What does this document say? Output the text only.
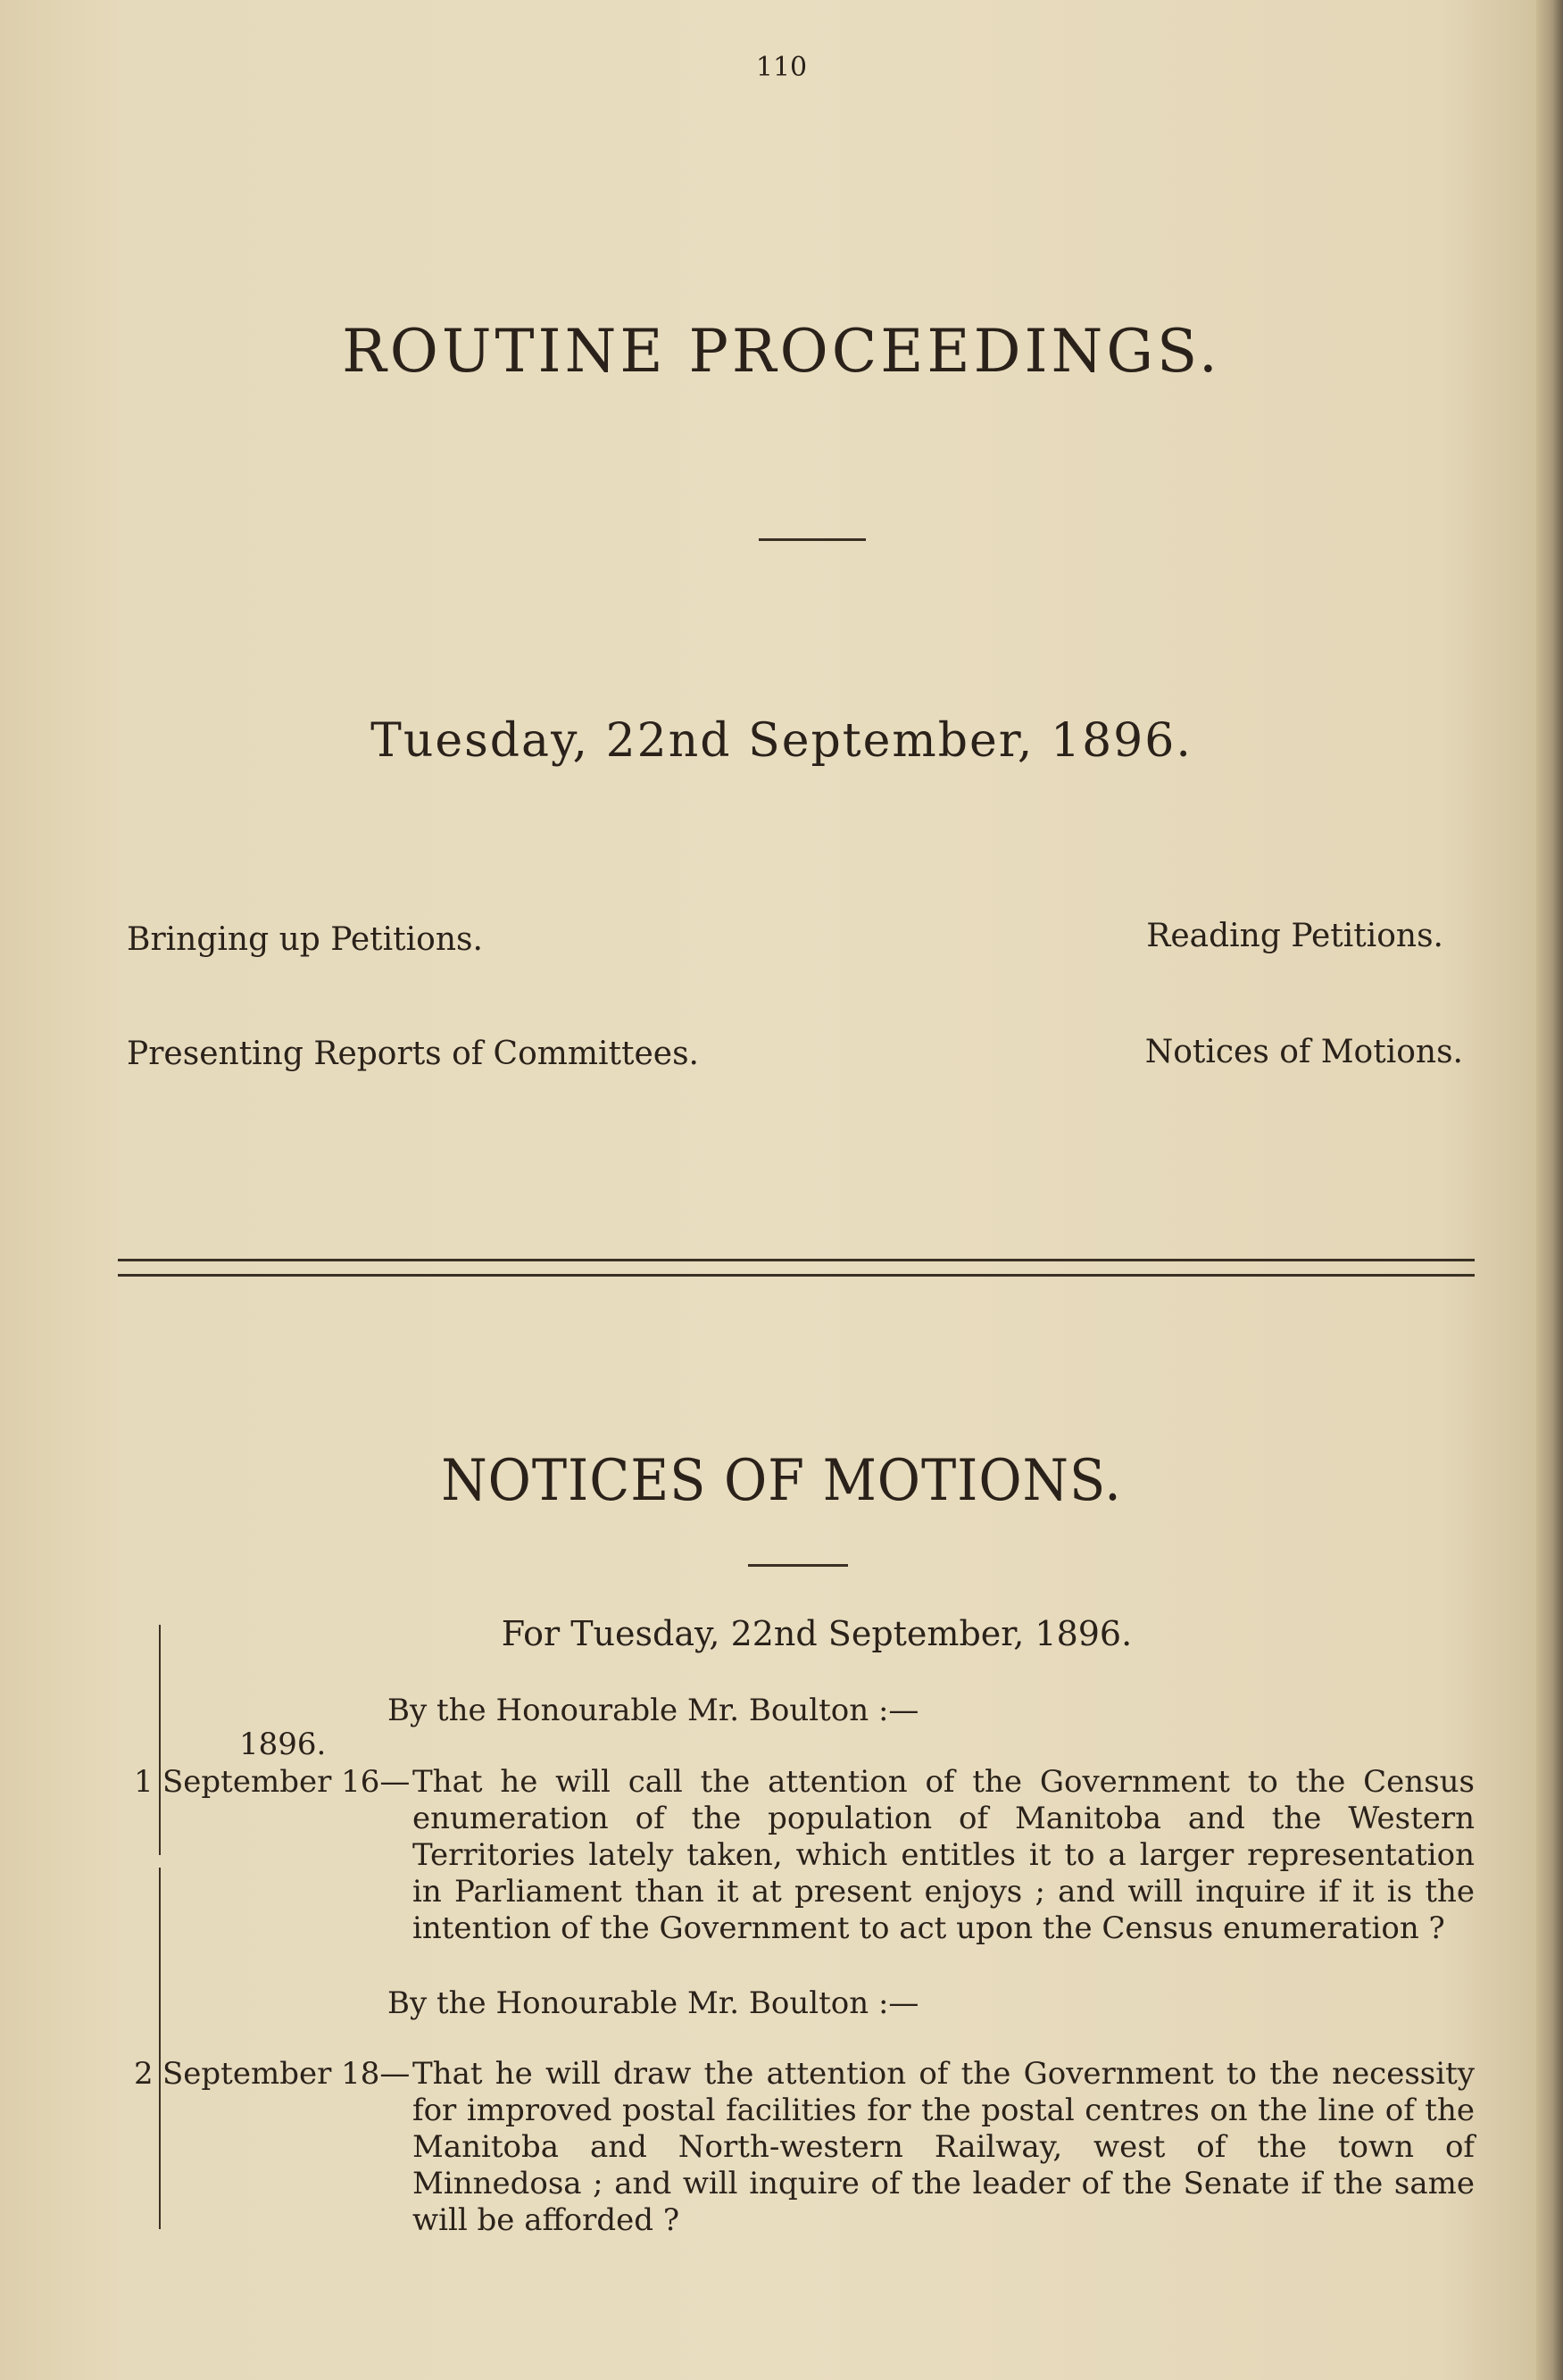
110
ROUTINE PROCEEDINGS.
Tuesday, 22nd September, 1896.
Bringing up Petitions.	Reading Petitions.
Presenting Reports of Committees.	Notices of Motions.
NOTICES OF MOTIONS.
For Tuesday, 22nd September, 1896.
By the Honourable Mr. Boulton :—
1896.
1 September 16— That he will call the attention of the Government to the Census enumeration of the population of Manitoba and the Western Territories lately taken, which entitles it to a larger representation in Parliament than it at present enjoys ; and will inquire if it is the intention of the Government to act upon the Census enumeration ?
By the Honourable Mr. Boulton :—
2 September 18— That he will draw the attention of the Government to the necessity for improved postal facilities for the postal centres on the line of the Manitoba and North-western Railway, west of the town of Minnedosa ; and will inquire of the leader of the Senate if the same will be afforded ?
